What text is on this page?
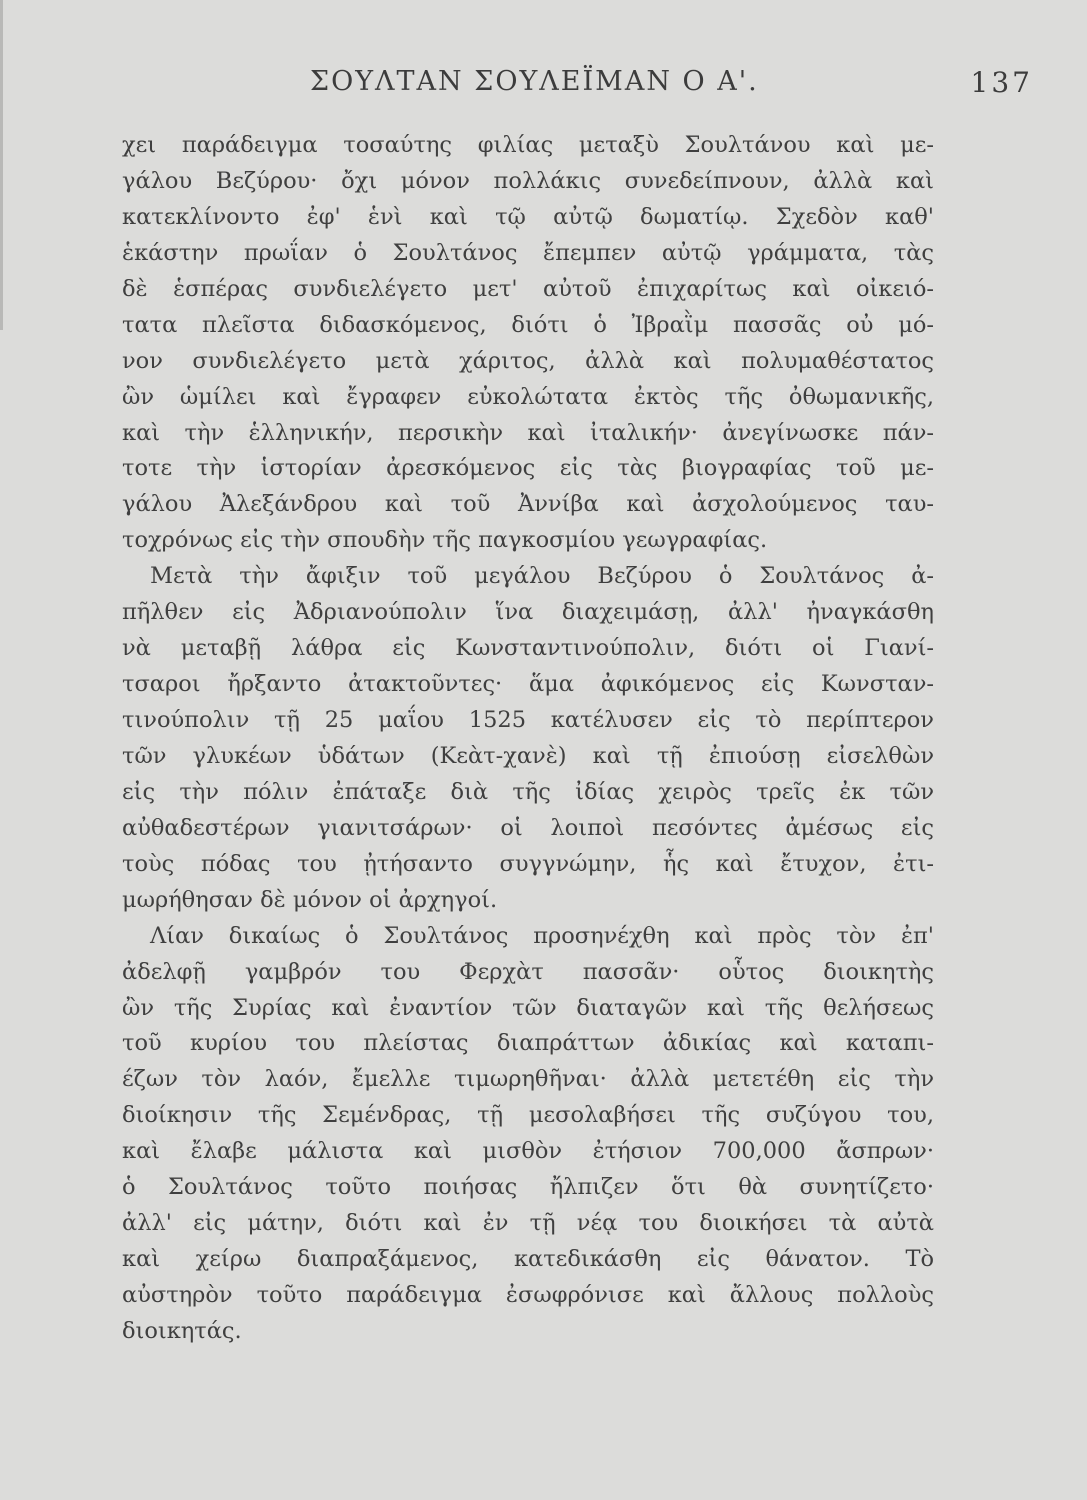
ΣΟΥΛΤΑΝ ΣΟΥΛΕΪΜΑΝ Ο Α'.	137
χει παράδειγμα τοσαύτης φιλίας μεταξὺ Σουλτάνου καὶ με-
γάλου Βεζύρου· ὄχι μόνον πολλάκις συνεδείπνουν, ἀλλὰ καὶ
κατεκλίνοντο ἐφ' ἑνὶ καὶ τῷ αὐτῷ δωματίῳ. Σχεδὸν καθ'
ἑκάστην πρωΐαν ὁ Σουλτάνος ἔπεμπεν αὐτῷ γράμματα, τὰς
δὲ ἑσπέρας συνδιελέγετο μετ' αὐτοῦ ἐπιχαρίτως καὶ οἰκειό-
τατα πλεῖστα διδασκόμενος, διότι ὁ Ἰβραῒμ πασσᾶς οὐ μό-
νον συνδιελέγετο μετὰ χάριτος, ἀλλὰ καὶ πολυμαθέστατος
ὢν ὡμίλει καὶ ἔγραφεν εὐκολώτατα ἐκτὸς τῆς ὀθωμανικῆς,
καὶ τὴν ἑλληνικήν, περσικὴν καὶ ἰταλικήν· ἀνεγίνωσκε πάν-
τοτε τὴν ἱστορίαν ἀρεσκόμενος εἰς τὰς βιογραφίας τοῦ με-
γάλου Ἀλεξάνδρου καὶ τοῦ Ἀννίβα καὶ ἀσχολούμενος ταυ-
τοχρόνως εἰς τὴν σπουδὴν τῆς παγκοσμίου γεωγραφίας.
Μετὰ τὴν ἄφιξιν τοῦ μεγάλου Βεζύρου ὁ Σουλτάνος ἀ-
πῆλθεν εἰς Ἀδριανούπολιν ἵνα διαχειμάσῃ, ἀλλ' ἠναγκάσθη
νὰ μεταβῇ λάθρα εἰς Κωνσταντινούπολιν, διότι οἱ Γιανί-
τσαροι ἤρξαντο ἀτακτοῦντες· ἅμα ἀφικόμενος εἰς Κωνσταν-
τινούπολιν τῇ 25 μαΐου 1525 κατέλυσεν εἰς τὸ περίπτερον
τῶν γλυκέων ὑδάτων (Κεὰτ-χανὲ) καὶ τῇ ἐπιούσῃ εἰσελθὼν
εἰς τὴν πόλιν ἐπάταξε διὰ τῆς ἰδίας χειρὸς τρεῖς ἐκ τῶν
αὐθαδεστέρων γιανιτσάρων· οἱ λοιποὶ πεσόντες ἀμέσως εἰς
τοὺς πόδας του ᾐτήσαντο συγγνώμην, ἧς καὶ ἔτυχον, ἐτι-
μωρήθησαν δὲ μόνον οἱ ἀρχηγοί.
Λίαν δικαίως ὁ Σουλτάνος προσηνέχθη καὶ πρὸς τὸν ἐπ'
ἀδελφῇ γαμβρόν του Φερχὰτ πασσᾶν· οὗτος διοικητὴς
ὢν τῆς Συρίας καὶ ἐναντίον τῶν διαταγῶν καὶ τῆς θελήσεως
τοῦ κυρίου του πλείστας διαπράττων ἀδικίας καὶ καταπι-
έζων τὸν λαόν, ἔμελλε τιμωρηθῆναι· ἀλλὰ μετετέθη εἰς τὴν
διοίκησιν τῆς Σεμένδρας, τῇ μεσολαβήσει τῆς συζύγου του,
καὶ ἔλαβε μάλιστα καὶ μισθὸν ἐτήσιον 700,000 ἄσπρων·
ὁ Σουλτάνος τοῦτο ποιήσας ἤλπιζεν ὅτι θὰ συνητίζετο·
ἀλλ' εἰς μάτην, διότι καὶ ἐν τῇ νέᾳ του διοικήσει τὰ αὐτὰ
καὶ χείρω διαπραξάμενος, κατεδικάσθη εἰς θάνατον. Τὸ
αὐστηρὸν τοῦτο παράδειγμα ἐσωφρόνισε καὶ ἄλλους πολλοὺς
διοικητάς.
